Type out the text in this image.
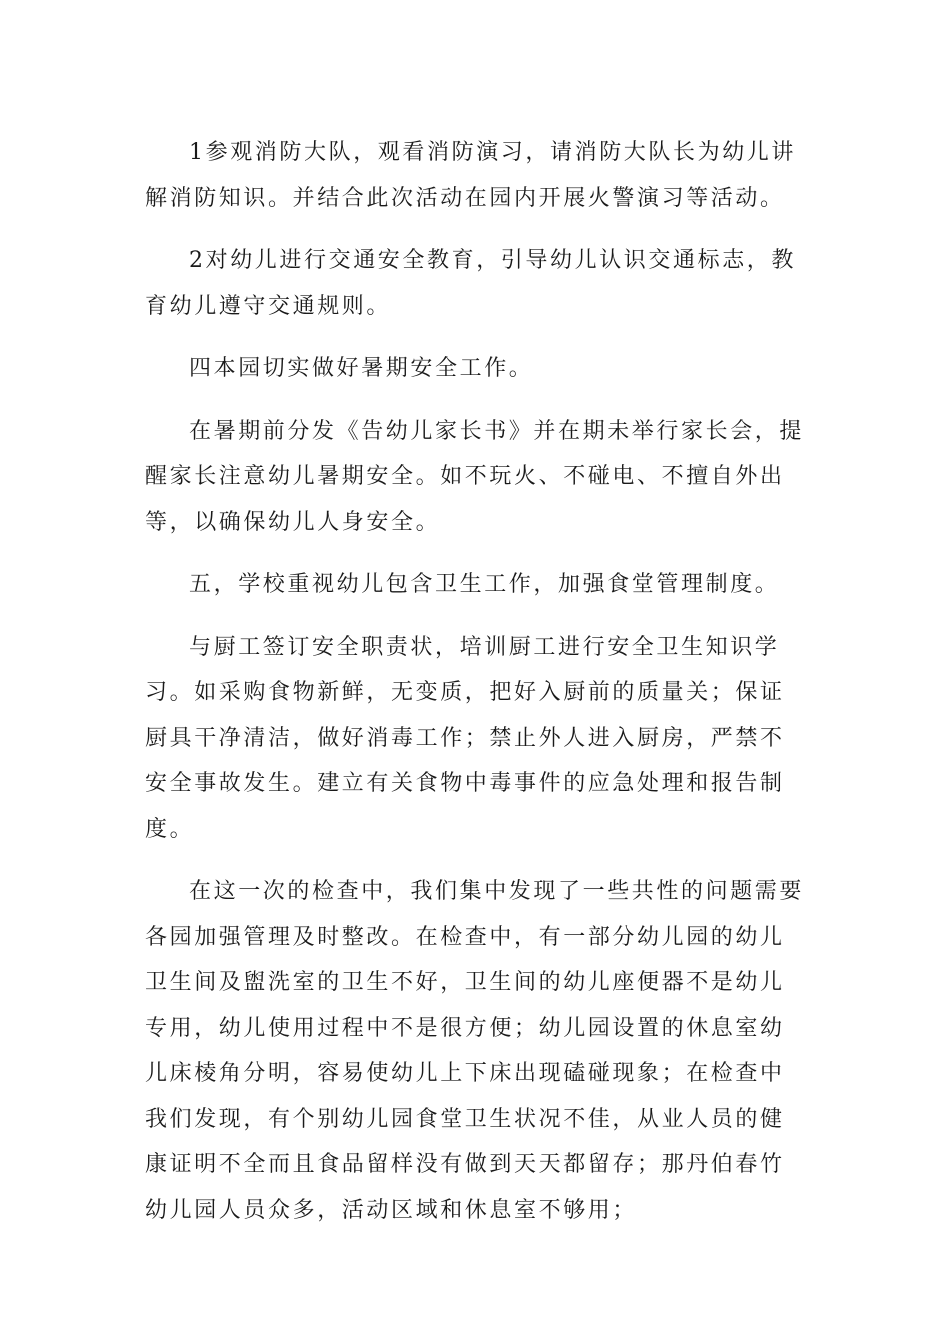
1参观消防大队，观看消防演习，请消防大队长为幼儿讲解消防知识。并结合此次活动在园内开展火警演习等活动。

2对幼儿进行交通安全教育，引导幼儿认识交通标志，教育幼儿遵守交通规则。

四本园切实做好暑期安全工作。

在暑期前分发《告幼儿家长书》并在期未举行家长会，提醒家长注意幼儿暑期安全。如不玩火、不碰电、不擅自外出等，以确保幼儿人身安全。

五，学校重视幼儿包含卫生工作，加强食堂管理制度。

与厨工签订安全职责状，培训厨工进行安全卫生知识学习。如采购食物新鲜，无变质，把好入厨前的质量关；保证厨具干净清洁，做好消毒工作；禁止外人进入厨房，严禁不安全事故发生。建立有关食物中毒事件的应急处理和报告制度。

在这一次的检查中，我们集中发现了一些共性的问题需要各园加强管理及时整改。在检查中，有一部分幼儿园的幼儿卫生间及盥洗室的卫生不好，卫生间的幼儿座便器不是幼儿专用，幼儿使用过程中不是很方便；幼儿园设置的休息室幼儿床棱角分明，容易使幼儿上下床出现磕碰现象；在检查中我们发现，有个别幼儿园食堂卫生状况不佳，从业人员的健康证明不全而且食品留样没有做到天天都留存；那丹伯春竹幼儿园人员众多，活动区域和休息室不够用；
